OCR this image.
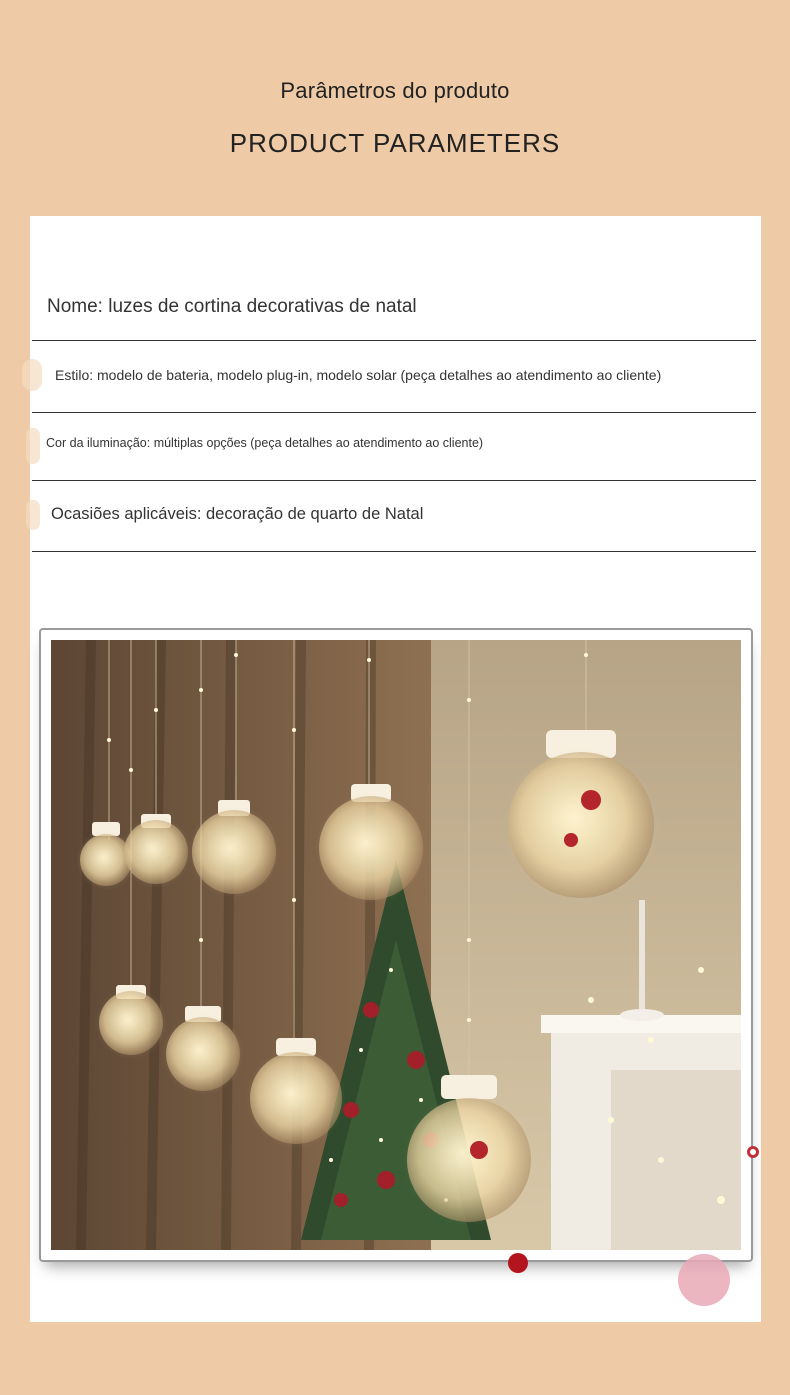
Parâmetros do produto
PRODUCT PARAMETERS
Nome: luzes de cortina decorativas de natal
Estilo: modelo de bateria, modelo plug-in, modelo solar (peça detalhes ao atendimento ao cliente)
Cor da iluminação: múltiplas opções (peça detalhes ao atendimento ao cliente)
Ocasiões aplicáveis: decoração de quarto de Natal
